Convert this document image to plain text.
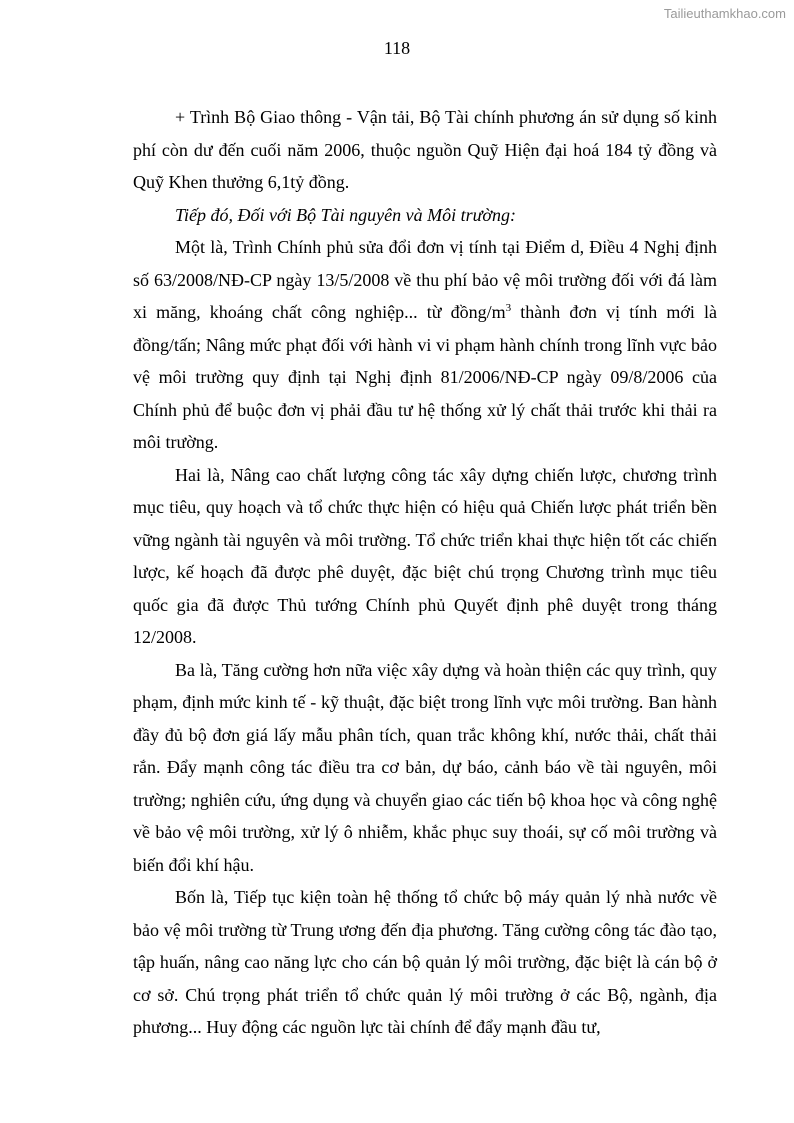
Tailieuthamkhao.com
118

+ Trình Bộ Giao thông - Vận tải, Bộ Tài chính phương án sử dụng số kinh phí còn dư đến cuối năm 2006, thuộc nguồn Quỹ Hiện đại hoá 184 tỷ đồng và Quỹ Khen thưởng 6,1tỷ đồng.

Tiếp đó, Đối với Bộ Tài nguyên và Môi trường:

Một là, Trình Chính phủ sửa đổi đơn vị tính tại Điểm d, Điều 4 Nghị định số 63/2008/NĐ-CP ngày 13/5/2008 về thu phí bảo vệ môi trường đối với đá làm xi măng, khoáng chất công nghiệp... từ đồng/$m^3$ thành đơn vị tính mới là đồng/tấn; Nâng mức phạt đối với hành vi vi phạm hành chính trong lĩnh vực bảo vệ môi trường quy định tại Nghị định 81/2006/NĐ-CP ngày 09/8/2006 của Chính phủ để buộc đơn vị phải đầu tư hệ thống xử lý chất thải trước khi thải ra môi trường.

Hai là, Nâng cao chất lượng công tác xây dựng chiến lược, chương trình mục tiêu, quy hoạch và tổ chức thực hiện có hiệu quả Chiến lược phát triển bền vững ngành tài nguyên và môi trường. Tổ chức triển khai thực hiện tốt các chiến lược, kế hoạch đã được phê duyệt, đặc biệt chú trọng Chương trình mục tiêu quốc gia đã được Thủ tướng Chính phủ Quyết định phê duyệt trong tháng 12/2008.

Ba là, Tăng cường hơn nữa việc xây dựng và hoàn thiện các quy trình, quy phạm, định mức kinh tế - kỹ thuật, đặc biệt trong lĩnh vực môi trường. Ban hành đầy đủ bộ đơn giá lấy mẫu phân tích, quan trắc không khí, nước thải, chất thải rắn. Đẩy mạnh công tác điều tra cơ bản, dự báo, cảnh báo về tài nguyên, môi trường; nghiên cứu, ứng dụng và chuyển giao các tiến bộ khoa học và công nghệ về bảo vệ môi trường, xử lý ô nhiễm, khắc phục suy thoái, sự cố môi trường và biến đổi khí hậu.

Bốn là, Tiếp tục kiện toàn hệ thống tổ chức bộ máy quản lý nhà nước về bảo vệ môi trường từ Trung ương đến địa phương. Tăng cường công tác đào tạo, tập huấn, nâng cao năng lực cho cán bộ quản lý môi trường, đặc biệt là cán bộ ở cơ sở. Chú trọng phát triển tổ chức quản lý môi trường ở các Bộ, ngành, địa phương... Huy động các nguồn lực tài chính để đẩy mạnh đầu tư,
